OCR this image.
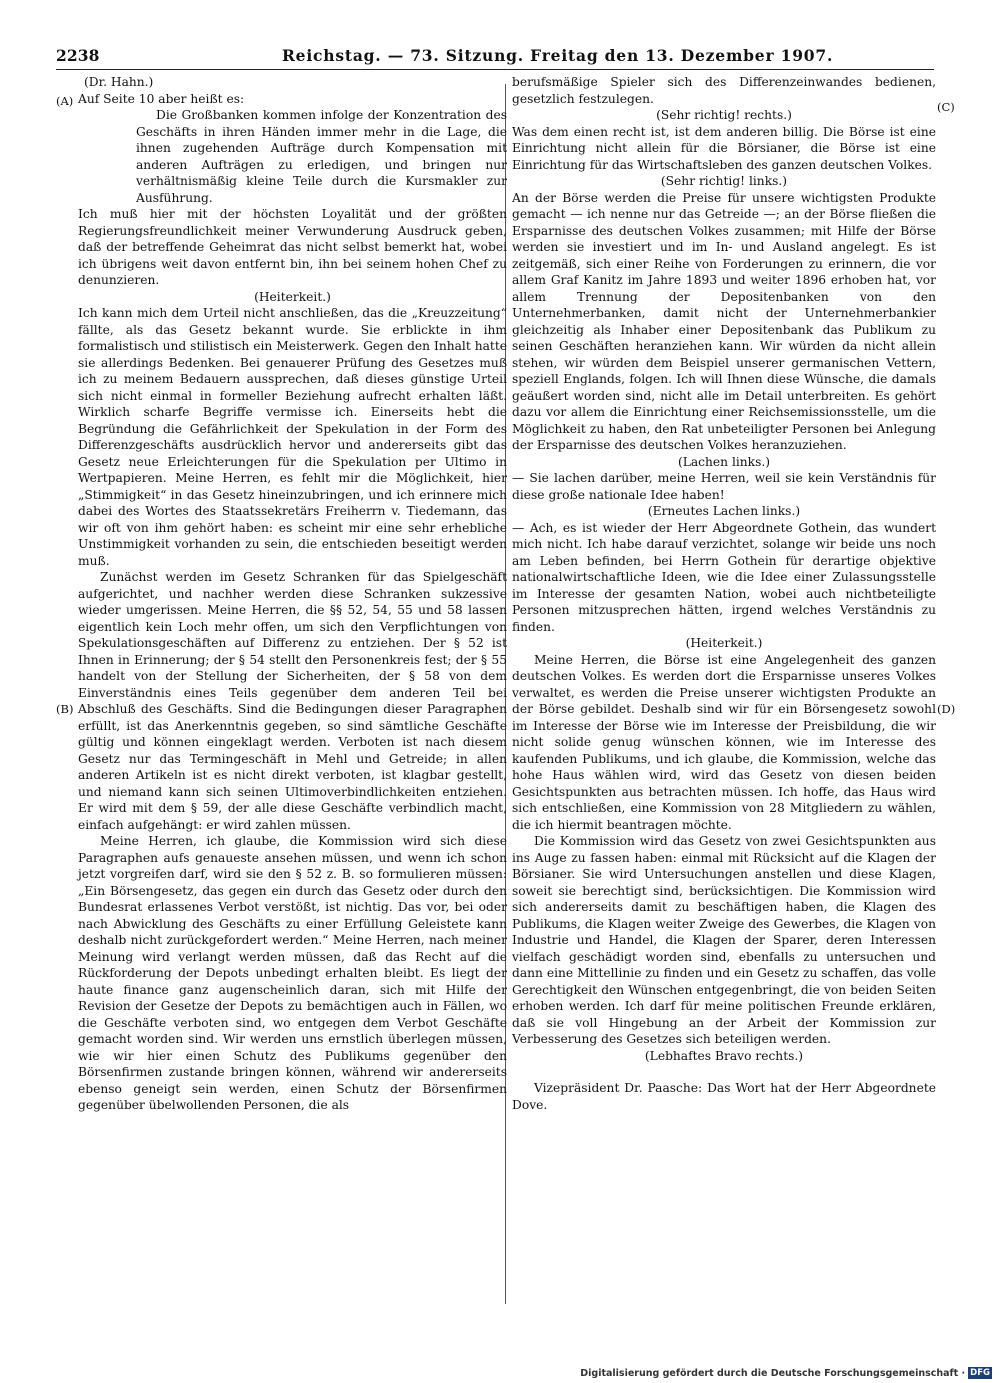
2238	Reichstag. — 73. Sitzung. Freitag den 13. Dezember 1907.
(A)
(B)
(C)
(D)

(Dr. Hahn.)

Auf Seite 10 aber heißt es:

Die Großbanken kommen infolge der Konzentration des Geschäfts in ihren Händen immer mehr in die Lage, die ihnen zugehenden Aufträge durch Kompensation mit anderen Aufträgen zu erledigen, und bringen nur verhältnismäßig kleine Teile durch die Kursmakler zur Ausführung.

Ich muß hier mit der höchsten Loyalität und der größten Regierungsfreundlichkeit meiner Verwunderung Ausdruck geben, daß der betreffende Geheimrat das nicht selbst bemerkt hat, wobei ich übrigens weit davon entfernt bin, ihn bei seinem hohen Chef zu denunzieren.

(Heiterkeit.)

Ich kann mich dem Urteil nicht anschließen, das die „Kreuzzeitung“ fällte, als das Gesetz bekannt wurde. Sie erblickte in ihm formalistisch und stilistisch ein Meisterwerk. Gegen den Inhalt hatte sie allerdings Bedenken. Bei genauerer Prüfung des Gesetzes muß ich zu meinem Bedauern aussprechen, daß dieses günstige Urteil sich nicht einmal in formeller Beziehung aufrecht erhalten läßt. Wirklich scharfe Begriffe vermisse ich. Einerseits hebt die Begründung die Gefährlichkeit der Spekulation in der Form des Differenzgeschäfts ausdrücklich hervor und andererseits gibt das Gesetz neue Erleichterungen für die Spekulation per Ultimo in Wertpapieren. Meine Herren, es fehlt mir die Möglichkeit, hier „Stimmigkeit“ in das Gesetz hineinzubringen, und ich erinnere mich dabei des Wortes des Staatssekretärs Freiherrn v. Tiedemann, das wir oft von ihm gehört haben: es scheint mir eine sehr erhebliche Unstimmigkeit vorhanden zu sein, die entschieden beseitigt werden muß.

Zunächst werden im Gesetz Schranken für das Spielgeschäft aufgerichtet, und nachher werden diese Schranken sukzessive wieder umgerissen. Meine Herren, die §§ 52, 54, 55 und 58 lassen eigentlich kein Loch mehr offen, um sich den Verpflichtungen von Spekulationsgeschäften auf Differenz zu entziehen. Der § 52 ist Ihnen in Erinnerung; der § 54 stellt den Personenkreis fest; der § 55 handelt von der Stellung der Sicherheiten, der § 58 von dem Einverständnis eines Teils gegenüber dem anderen Teil bei Abschluß des Geschäfts. Sind die Bedingungen dieser Paragraphen erfüllt, ist das Anerkenntnis gegeben, so sind sämtliche Geschäfte gültig und können eingeklagt werden. Verboten ist nach diesem Gesetz nur das Termingeschäft in Mehl und Getreide; in allen anderen Artikeln ist es nicht direkt verboten, ist klagbar gestellt, und niemand kann sich seinen Ultimoverbindlichkeiten entziehen. Er wird mit dem § 59, der alle diese Geschäfte verbindlich macht, einfach aufgehängt: er wird zahlen müssen.

Meine Herren, ich glaube, die Kommission wird sich diese Paragraphen aufs genaueste ansehen müssen, und wenn ich schon jetzt vorgreifen darf, wird sie den § 52 z. B. so formulieren müssen: „Ein Börsengesetz, das gegen ein durch das Gesetz oder durch den Bundesrat erlassenes Verbot verstößt, ist nichtig. Das vor, bei oder nach Abwicklung des Geschäfts zu einer Erfüllung Geleistete kann deshalb nicht zurückgefordert werden.“ Meine Herren, nach meiner Meinung wird verlangt werden müssen, daß das Recht auf die Rückforderung der Depots unbedingt erhalten bleibt. Es liegt der haute finance ganz augenscheinlich daran, sich mit Hilfe der Revision der Gesetze der Depots zu bemächtigen auch in Fällen, wo die Geschäfte verboten sind, wo entgegen dem Verbot Geschäfte gemacht worden sind. Wir werden uns ernstlich überlegen müssen, wie wir hier einen Schutz des Publikums gegenüber den Börsenfirmen zustande bringen können, während wir andererseits ebenso geneigt sein werden, einen Schutz der Börsenfirmen gegenüber übelwollenden Personen, die als

berufsmäßige Spieler sich des Differenzeinwandes bedienen, gesetzlich festzulegen.

(Sehr richtig! rechts.)

Was dem einen recht ist, ist dem anderen billig. Die Börse ist eine Einrichtung nicht allein für die Börsianer, die Börse ist eine Einrichtung für das Wirtschaftsleben des ganzen deutschen Volkes.

(Sehr richtig! links.)

An der Börse werden die Preise für unsere wichtigsten Produkte gemacht — ich nenne nur das Getreide —; an der Börse fließen die Ersparnisse des deutschen Volkes zusammen; mit Hilfe der Börse werden sie investiert und im In- und Ausland angelegt. Es ist zeitgemäß, sich einer Reihe von Forderungen zu erinnern, die vor allem Graf Kanitz im Jahre 1893 und weiter 1896 erhoben hat, vor allem Trennung der Depositenbanken von den Unternehmerbanken, damit nicht der Unternehmerbankier gleichzeitig als Inhaber einer Depositenbank das Publikum zu seinen Geschäften heranziehen kann. Wir würden da nicht allein stehen, wir würden dem Beispiel unserer germanischen Vettern, speziell Englands, folgen. Ich will Ihnen diese Wünsche, die damals geäußert worden sind, nicht alle im Detail unterbreiten. Es gehört dazu vor allem die Einrichtung einer Reichsemissionsstelle, um die Möglichkeit zu haben, den Rat unbeteiligter Personen bei Anlegung der Ersparnisse des deutschen Volkes heranzuziehen.

(Lachen links.)

— Sie lachen darüber, meine Herren, weil sie kein Verständnis für diese große nationale Idee haben!

(Erneutes Lachen links.)

— Ach, es ist wieder der Herr Abgeordnete Gothein, das wundert mich nicht. Ich habe darauf verzichtet, solange wir beide uns noch am Leben befinden, bei Herrn Gothein für derartige objektive nationalwirtschaftliche Ideen, wie die Idee einer Zulassungsstelle im Interesse der gesamten Nation, wobei auch nichtbeteiligte Personen mitzusprechen hätten, irgend welches Verständnis zu finden.

(Heiterkeit.)

Meine Herren, die Börse ist eine Angelegenheit des ganzen deutschen Volkes. Es werden dort die Ersparnisse unseres Volkes verwaltet, es werden die Preise unserer wichtigsten Produkte an der Börse gebildet. Deshalb sind wir für ein Börsengesetz sowohl im Interesse der Börse wie im Interesse der Preisbildung, die wir nicht solide genug wünschen können, wie im Interesse des kaufenden Publikums, und ich glaube, die Kommission, welche das hohe Haus wählen wird, wird das Gesetz von diesen beiden Gesichtspunkten aus betrachten müssen. Ich hoffe, das Haus wird sich entschließen, eine Kommission von 28 Mitgliedern zu wählen, die ich hiermit beantragen möchte.

Die Kommission wird das Gesetz von zwei Gesichtspunkten aus ins Auge zu fassen haben: einmal mit Rücksicht auf die Klagen der Börsianer. Sie wird Untersuchungen anstellen und diese Klagen, soweit sie berechtigt sind, berücksichtigen. Die Kommission wird sich andererseits damit zu beschäftigen haben, die Klagen des Publikums, die Klagen weiter Zweige des Gewerbes, die Klagen von Industrie und Handel, die Klagen der Sparer, deren Interessen vielfach geschädigt worden sind, ebenfalls zu untersuchen und dann eine Mittellinie zu finden und ein Gesetz zu schaffen, das volle Gerechtigkeit den Wünschen entgegenbringt, die von beiden Seiten erhoben werden. Ich darf für meine politischen Freunde erklären, daß sie voll Hingebung an der Arbeit der Kommission zur Verbesserung des Gesetzes sich beteiligen werden.

(Lebhaftes Bravo rechts.)

Vizepräsident Dr. Paasche: Das Wort hat der Herr Abgeordnete Dove.

Digitalisierung gefördert durch die Deutsche Forschungsgemeinschaft · DFG
